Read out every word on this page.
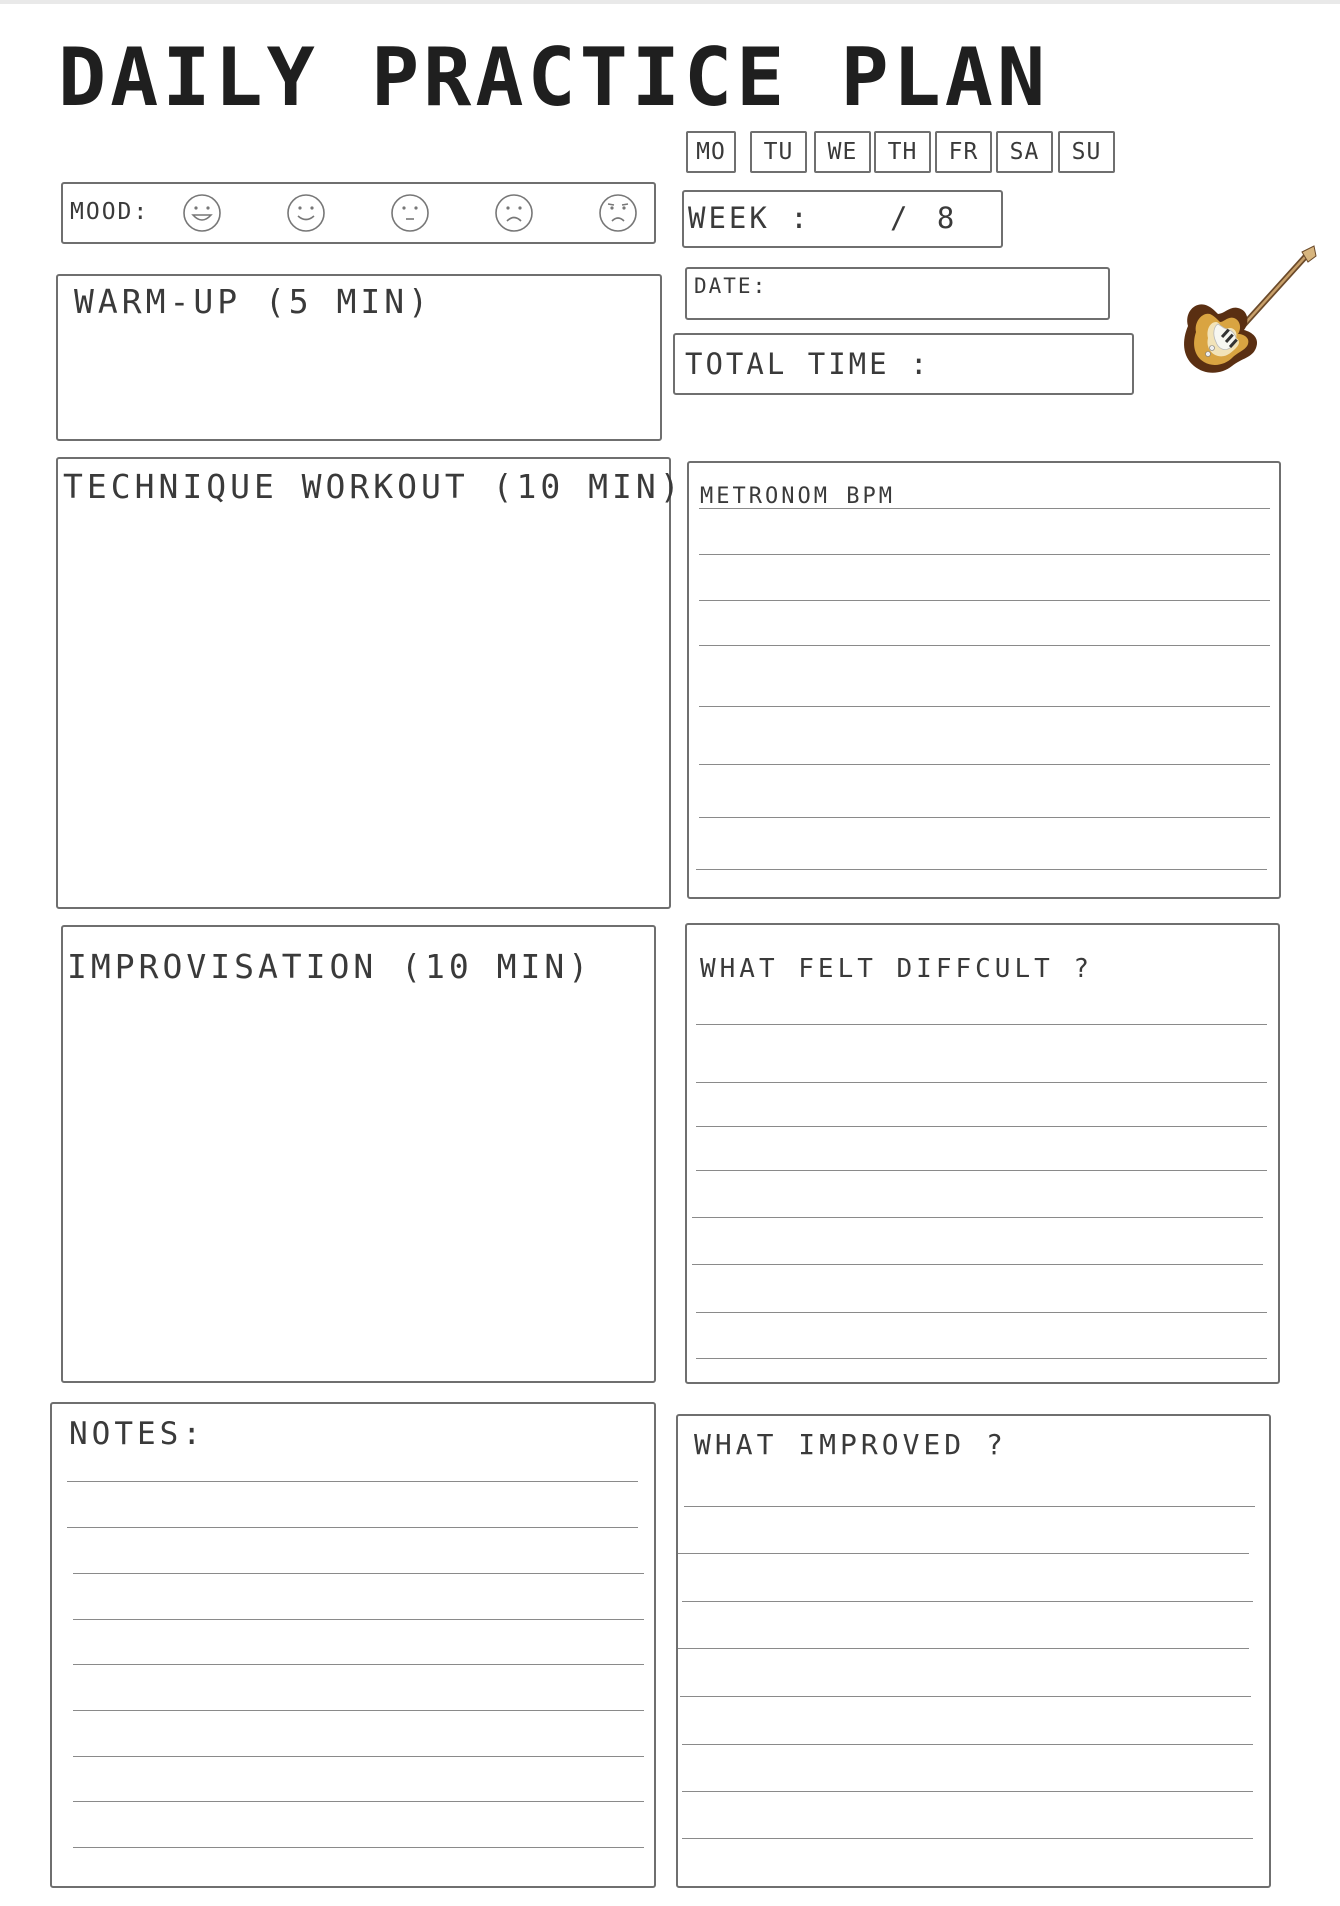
DAILY PRACTICE PLAN
MO	TU	WE	TH	FR	SA	SU
MOOD:	WEEK :	/ 8
DATE:
TOTAL TIME :
WARM-UP (5 MIN)
TECHNIQUE WORKOUT (10 MIN) METRONOM BPM
IMPROVISATION (10 MIN)	WHAT FELT DIFFCULT ?
NOTES:	WHAT IMPROVED ?
